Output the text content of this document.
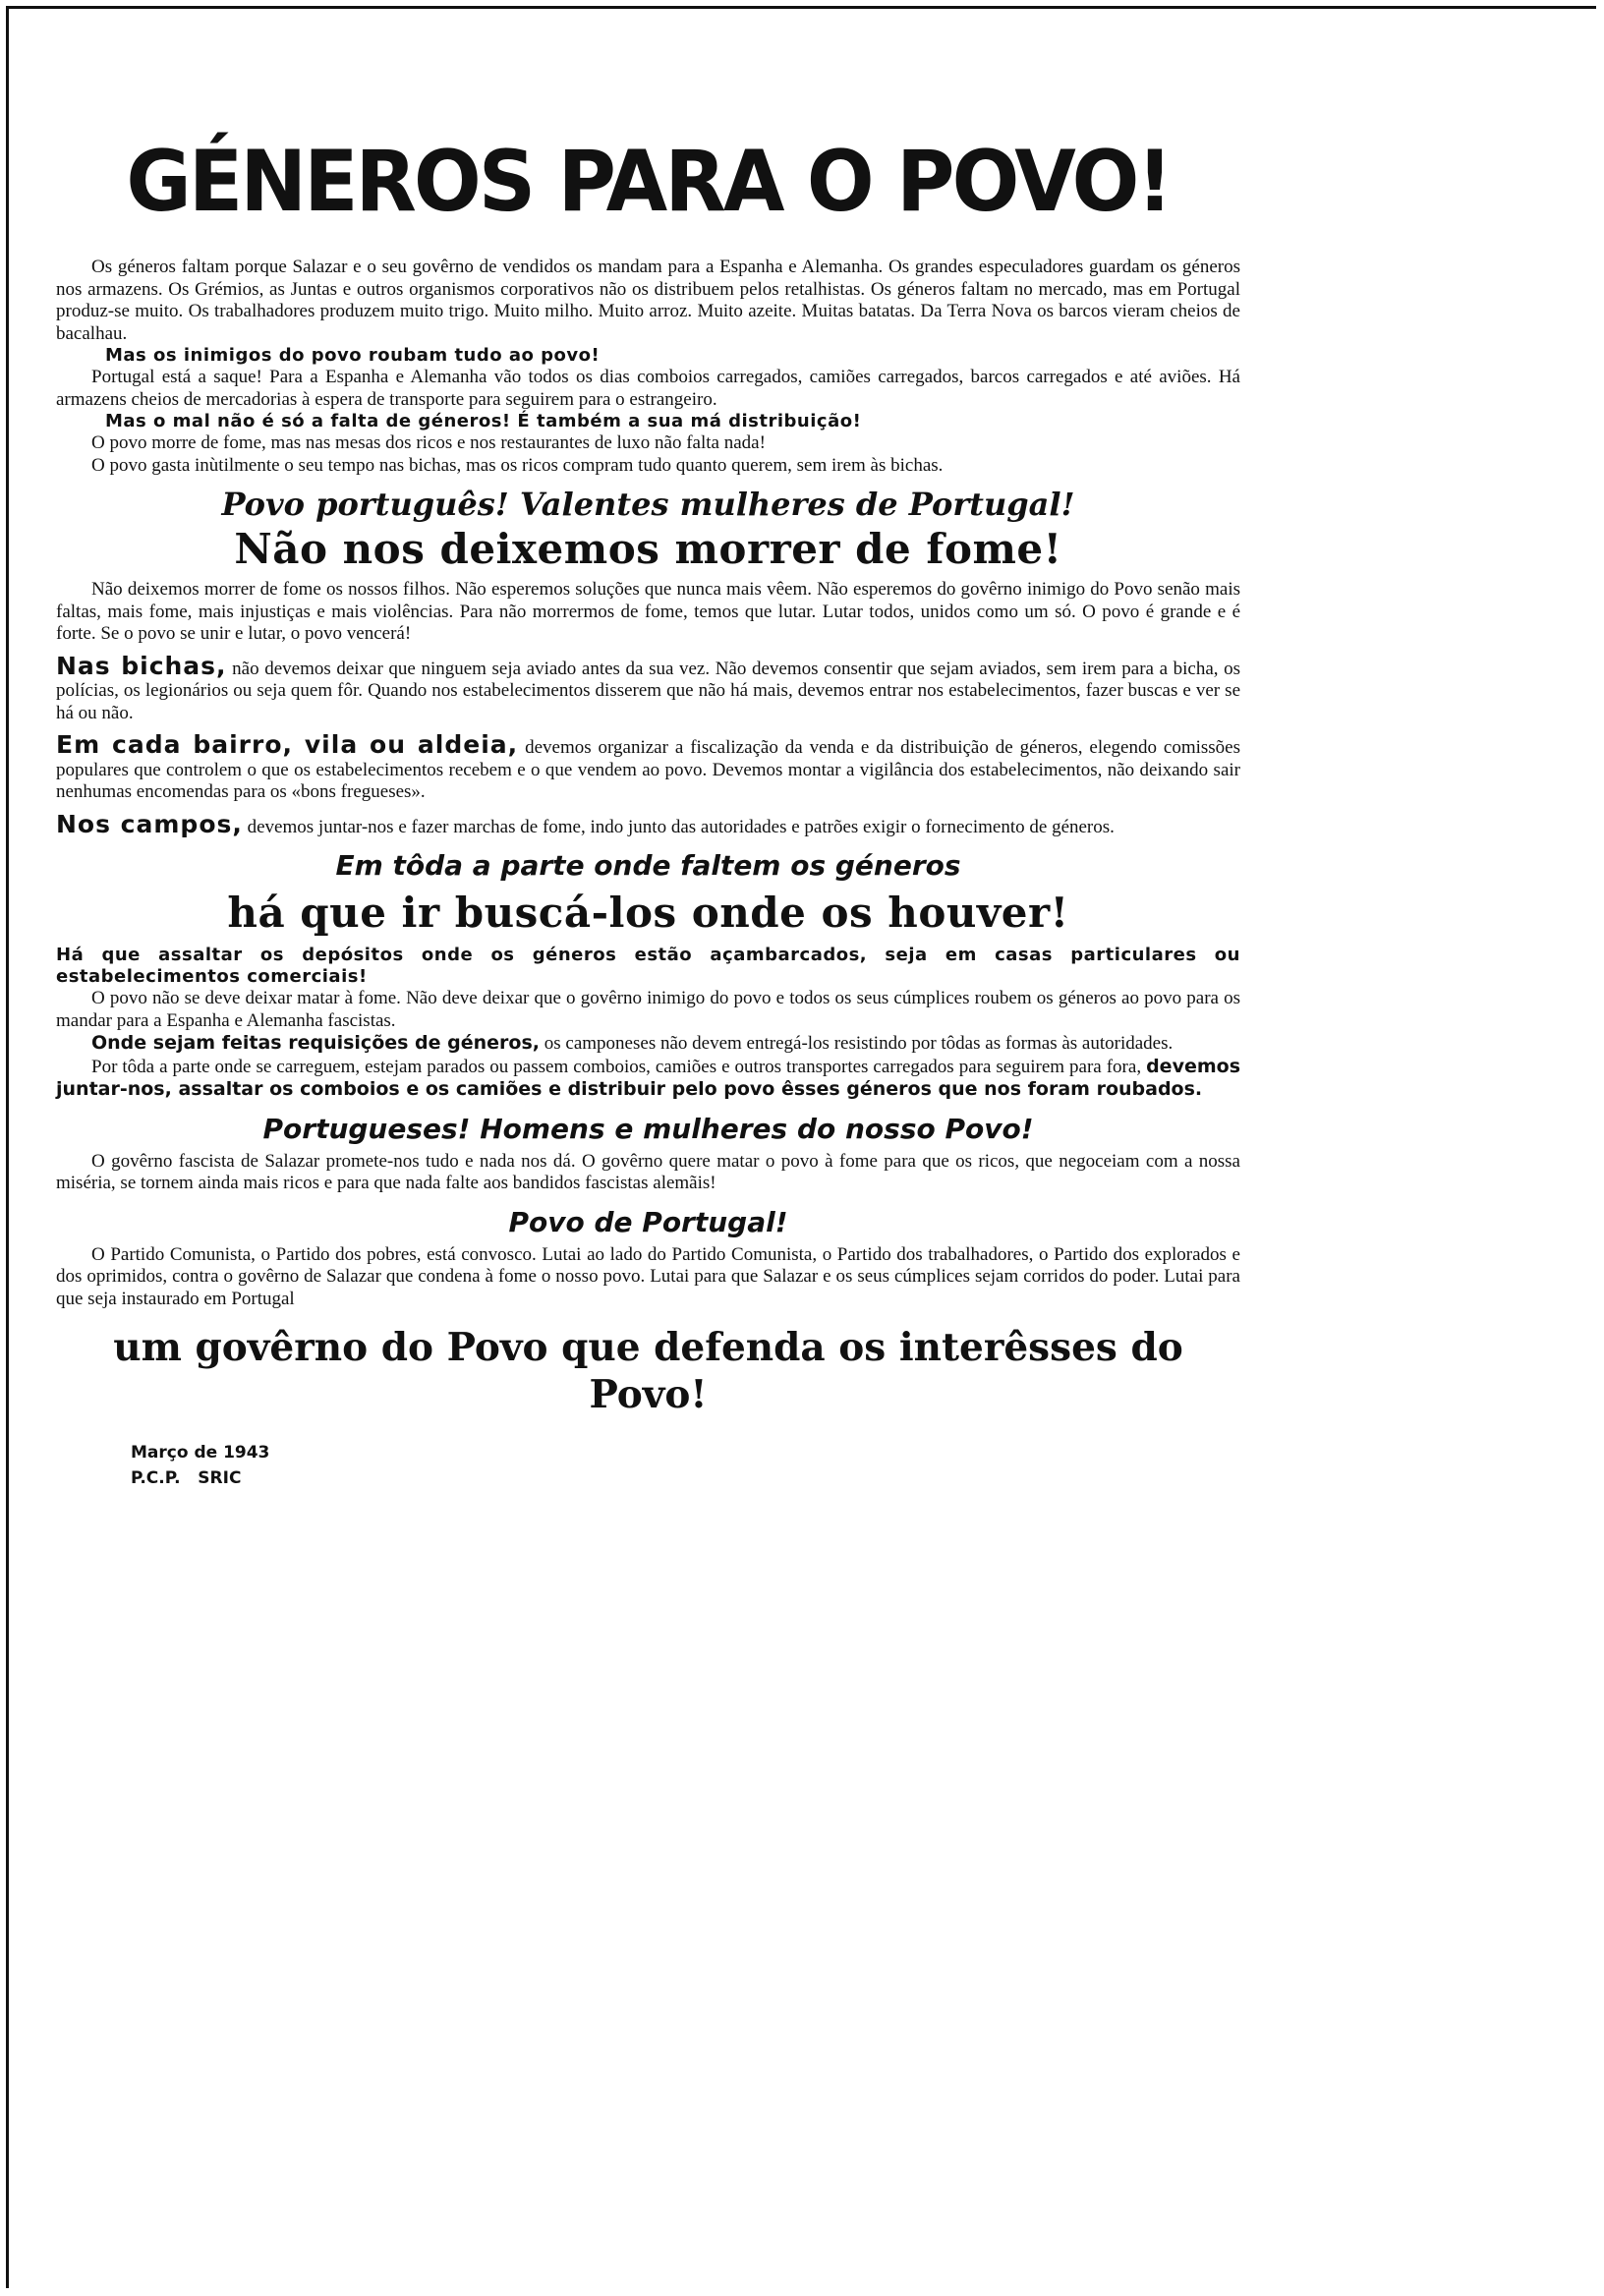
GÉNEROS PARA O POVO!

Os géneros faltam porque Salazar e o seu govêrno de vendidos os mandam para a Espanha e Alemanha. Os grandes especuladores guardam os géneros nos armazens. Os Grémios, as Juntas e outros organismos corporativos não os distribuem pelos retalhistas. Os géneros faltam no mercado, mas em Portugal produz-se muito. Os trabalhadores produzem muito trigo. Muito milho. Muito arroz. Muito azeite. Muitas batatas. Da Terra Nova os barcos vieram cheios de bacalhau.

Mas os inimigos do povo roubam tudo ao povo!

Portugal está a saque! Para a Espanha e Alemanha vão todos os dias comboios carregados, camiões carregados, barcos carregados e até aviões. Há armazens cheios de mercadorias à espera de transporte para seguirem para o estrangeiro.

Mas o mal não é só a falta de géneros! É também a sua má distribuição!

O povo morre de fome, mas nas mesas dos ricos e nos restaurantes de luxo não falta nada!

O povo gasta inùtilmente o seu tempo nas bichas, mas os ricos compram tudo quanto querem, sem irem às bichas.

Povo português! Valentes mulheres de Portugal!
Não nos deixemos morrer de fome!

Não deixemos morrer de fome os nossos filhos. Não esperemos soluções que nunca mais vêem. Não esperemos do govêrno inimigo do Povo senão mais faltas, mais fome, mais injustiças e mais violências. Para não morrermos de fome, temos que lutar. Lutar todos, unidos como um só. O povo é grande e é forte. Se o povo se unir e lutar, o povo vencerá!

Nas bichas, não devemos deixar que ninguem seja aviado antes da sua vez. Não devemos consentir que sejam aviados, sem irem para a bicha, os polícias, os legionários ou seja quem fôr. Quando nos estabelecimentos disserem que não há mais, devemos entrar nos estabelecimentos, fazer buscas e ver se há ou não.

Em cada bairro, vila ou aldeia, devemos organizar a fiscalização da venda e da distribuição de géneros, elegendo comissões populares que controlem o que os estabelecimentos recebem e o que vendem ao povo. Devemos montar a vigilância dos estabelecimentos, não deixando sair nenhumas encomendas para os «bons fregueses».

Nos campos, devemos juntar-nos e fazer marchas de fome, indo junto das autoridades e patrões exigir o fornecimento de géneros.

Em tôda a parte onde faltem os géneros
há que ir buscá-los onde os houver!

Há que assaltar os depósitos onde os géneros estão açambarcados, seja em casas particulares ou estabelecimentos comerciais!

O povo não se deve deixar matar à fome. Não deve deixar que o govêrno inimigo do povo e todos os seus cúmplices roubem os géneros ao povo para os mandar para a Espanha e Alemanha fascistas.

Onde sejam feitas requisições de géneros, os camponeses não devem entregá-los resistindo por tôdas as formas às autoridades.

Por tôda a parte onde se carreguem, estejam parados ou passem comboios, camiões e outros transportes carregados para seguirem para fora, devemos juntar-nos, assaltar os comboios e os camiões e distribuir pelo povo êsses géneros que nos foram roubados.

Portugueses! Homens e mulheres do nosso Povo!

O govêrno fascista de Salazar promete-nos tudo e nada nos dá. O govêrno quere matar o povo à fome para que os ricos, que negoceiam com a nossa miséria, se tornem ainda mais ricos e para que nada falte aos bandidos fascistas alemãis!

Povo de Portugal!

O Partido Comunista, o Partido dos pobres, está convosco. Lutai ao lado do Partido Comunista, o Partido dos trabalhadores, o Partido dos explorados e dos oprimidos, contra o govêrno de Salazar que condena à fome o nosso povo. Lutai para que Salazar e os seus cúmplices sejam corridos do poder. Lutai para que seja instaurado em Portugal

um govêrno do Povo que defenda os interêsses do Povo!
Março de 1943
P.C.P. SRIC
